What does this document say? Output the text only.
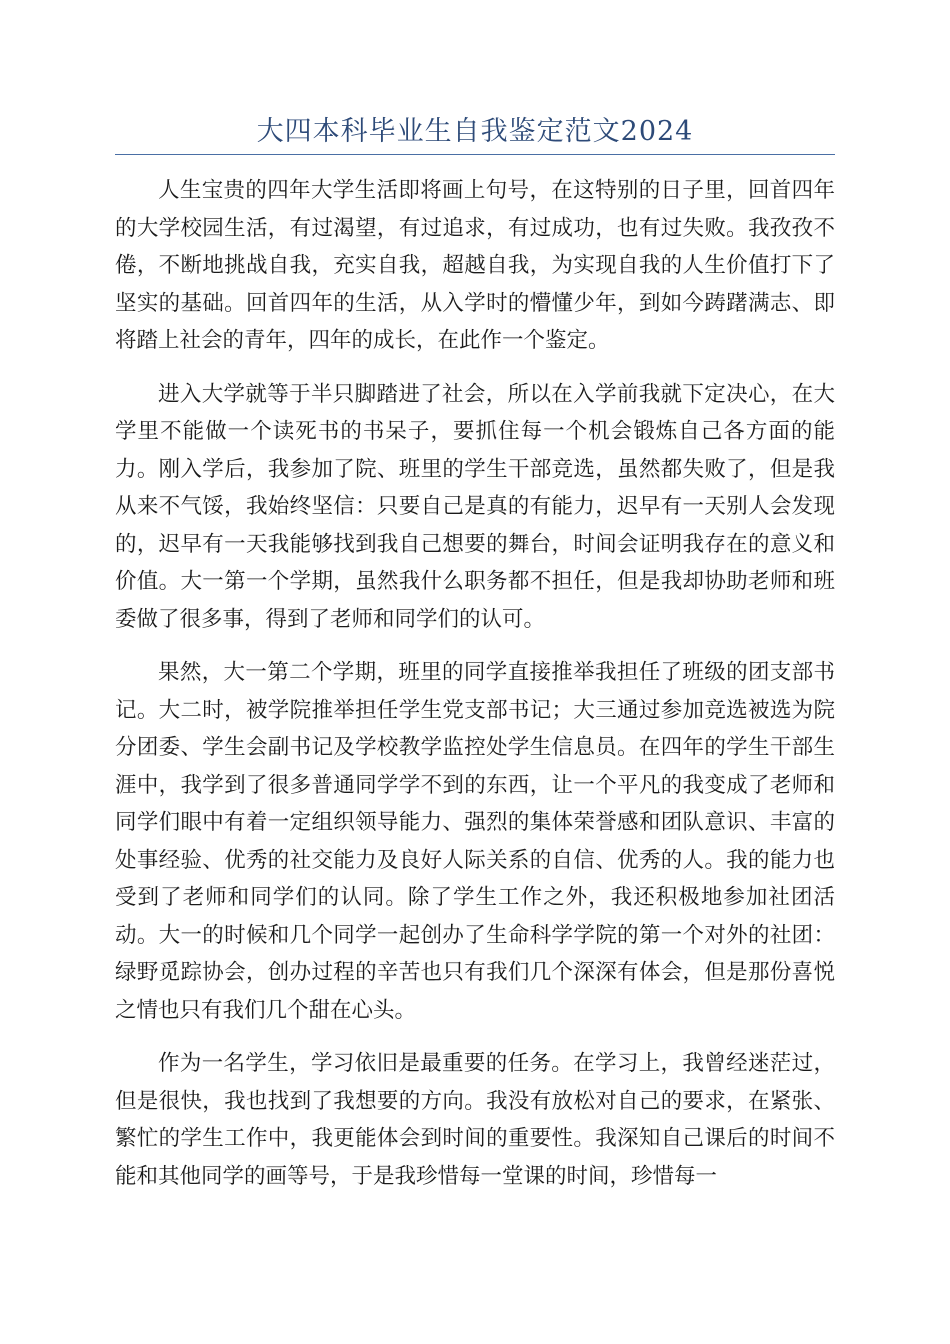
大四本科毕业生自我鉴定范文2024

人生宝贵的四年大学生活即将画上句号，在这特别的日子里，回首四年的大学校园生活，有过渴望，有过追求，有过成功，也有过失败。我孜孜不倦，不断地挑战自我，充实自我，超越自我，为实现自我的人生价值打下了坚实的基础。回首四年的生活，从入学时的懵懂少年，到如今踌躇满志、即将踏上社会的青年，四年的成长，在此作一个鉴定。

进入大学就等于半只脚踏进了社会，所以在入学前我就下定决心，在大学里不能做一个读死书的书呆子，要抓住每一个机会锻炼自己各方面的能力。刚入学后，我参加了院、班里的学生干部竞选，虽然都失败了，但是我从来不气馁，我始终坚信：只要自己是真的有能力，迟早有一天别人会发现的，迟早有一天我能够找到我自己想要的舞台，时间会证明我存在的意义和价值。大一第一个学期，虽然我什么职务都不担任，但是我却协助老师和班委做了很多事，得到了老师和同学们的认可。

果然，大一第二个学期，班里的同学直接推举我担任了班级的团支部书记。大二时，被学院推举担任学生党支部书记；大三通过参加竞选被选为院分团委、学生会副书记及学校教学监控处学生信息员。在四年的学生干部生涯中，我学到了很多普通同学学不到的东西，让一个平凡的我变成了老师和同学们眼中有着一定组织领导能力、强烈的集体荣誉感和团队意识、丰富的处事经验、优秀的社交能力及良好人际关系的自信、优秀的人。我的能力也受到了老师和同学们的认同。除了学生工作之外，我还积极地参加社团活动。大一的时候和几个同学一起创办了生命科学学院的第一个对外的社团：绿野觅踪协会，创办过程的辛苦也只有我们几个深深有体会，但是那份喜悦之情也只有我们几个甜在心头。

作为一名学生，学习依旧是最重要的任务。在学习上，我曾经迷茫过，但是很快，我也找到了我想要的方向。我没有放松对自己的要求，在紧张、繁忙的学生工作中，我更能体会到时间的重要性。我深知自己课后的时间不能和其他同学的画等号，于是我珍惜每一堂课的时间，珍惜每一
